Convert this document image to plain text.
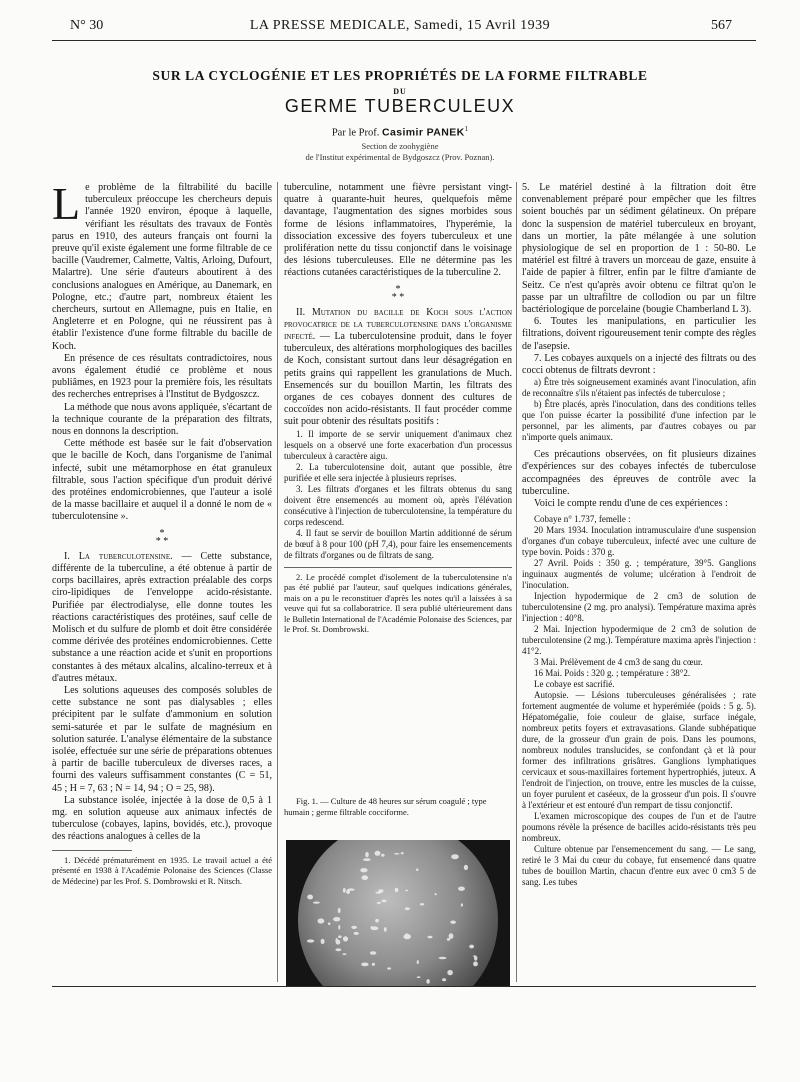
N° 30	LA PRESSE MEDICALE, Samedi, 15 Avril 1939	567
SUR LA CYCLOGÉNIE ET LES PROPRIÉTÉS DE LA FORME FILTRABLE
DU
GERME TUBERCULEUX
Par le Prof. Casimir PANEK$^1$
Section de zoohygiène
de l'Institut expérimental de Bydgoszcz (Prov. Poznan).

Le problème de la filtrabilité du bacille tuberculeux préoccupe les chercheurs depuis l'année 1920 environ, époque à laquelle, vérifiant les résultats des travaux de Fontès parus en 1910, des auteurs français ont fourni la preuve qu'il existe également une forme filtrable de ce bacille (Vaudremer, Calmette, Valtis, Arloing, Dufourt, Malartre). Une série d'auteurs aboutirent à des conclusions analogues en Amérique, au Danemark, en Pologne, etc.; d'autre part, nombreux étaient les chercheurs, surtout en Allemagne, puis en Italie, en Angleterre et en Pologne, qui ne réussirent pas à établir l'existence d'une forme filtrable du bacille de Koch.

En présence de ces résultats contradictoires, nous avons également étudié ce problème et nous publiâmes, en 1923 pour la première fois, les résultats des recherches entreprises à l'Institut de Bydgoszcz.

La méthode que nous avons appliquée, s'écartant de la technique courante de la préparation des filtrats, nous en donnons la description.

Cette méthode est basée sur le fait d'observation que le bacille de Koch, dans l'organisme de l'animal infecté, subit une métamorphose en état granuleux filtrable, sous l'action spécifique d'un produit dérivé des protéines endomicrobiennes, que l'auteur a isolé de la masse bacillaire et auquel il a donné le nom de « tuberculotensine ».

*
* *

I. La tuberculotensine. — Cette substance, différente de la tuberculine, a été obtenue à partir de corps bacillaires, après extraction préalable des corps ciro-lipidiques de l'enveloppe acido-résistante. Purifiée par électrodialyse, elle donne toutes les réactions caractéristiques des protéines, sauf celle de Molisch et du sulfure de plomb et doit être considérée comme dérivée des protéines endomicrobiennes. Cette substance a une réaction acide et s'unit en proportions constantes à des métaux alcalins, alcalino-terreux et à d'autres métaux.

Les solutions aqueuses des composés solubles de cette substance ne sont pas dialysables ; elles précipitent par le sulfate d'ammonium en solution semi-saturée et par le sulfate de magnésium en solution saturée. L'analyse élémentaire de la substance isolée, effectuée sur une série de préparations obtenues à partir de bacille tuberculeux de diverses races, a fourni des valeurs suffisamment constantes (C = 51, 45 ; H = 7, 63 ; N = 14, 94 ; O = 25, 98).

La substance isolée, injectée à la dose de 0,5 à 1 mg. en solution aqueuse aux animaux infectés de tuberculose (cobayes, lapins, bovidés, etc.), provoque des réactions analogues à celles de la

1. Décédé prématurément en 1935. Le travail actuel a été présenté en 1938 à l'Académie Polonaise des Sciences (Classe de Médecine) par les Prof. S. Dombrowski et R. Nitsch.

tuberculine, notamment une fièvre persistant vingt-quatre à quarante-huit heures, quelquefois même davantage, l'augmentation des signes morbides sous forme de lésions inflammatoires, l'hyperémie, la dissociation excessive des foyers tuberculeux et une prolifération nette du tissu conjonctif dans le voisinage des lésions tuberculeuses. Elle ne détermine pas les réactions cutanées caractéristiques de la tuberculine 2.

*
* *

II. Mutation du bacille de Koch sous l'action provocatrice de la tuberculotensine dans l'organisme infecté. — La tuberculotensine produit, dans le foyer tuberculeux, des altérations morphologiques des bacilles de Koch, consistant surtout dans leur désagrégation en petits grains qui rappellent les granulations de Much. Ensemencés sur du bouillon Martin, les filtrats des organes de ces cobayes donnent des cultures de coccoïdes non acido-résistants. Il faut procéder comme suit pour obtenir des résultats positifs :

1. Il importe de se servir uniquement d'animaux chez lesquels on a observé une forte exacerbation d'un processus tuberculeux à caractère aigu.

2. La tuberculotensine doit, autant que possible, être purifiée et elle sera injectée à plusieurs reprises.

3. Les filtrats d'organes et les filtrats obtenus du sang doivent être ensemencés au moment où, après l'élévation consécutive à l'injection de tuberculotensine, la température du corps redescend.

4. Il faut se servir de bouillon Martin additionné de sérum de bœuf à 8 pour 100 (pH 7,4), pour faire les ensemencements de filtrats d'organes ou de filtrats de sang.

2. Le procédé complet d'isolement de la tuberculotensine n'a pas été publié par l'auteur, sauf quelques indications générales, mais on a pu le reconstituer d'après les notes qu'il a laissées à sa veuve qui fut sa collaboratrice. Il sera publié ultérieurement dans le Bulletin International de l'Académie Polonaise des Sciences, par le Prof. St. Dombrowski.

Fig. 1. — Culture de 48 heures sur sérum coagulé ; type humain ; germe filtrable cocciforme.

5. Le matériel destiné à la filtration doit être convenablement préparé pour empêcher que les filtres soient bouchés par un sédiment gélatineux. On prépare donc la suspension de matériel tuberculeux en broyant, dans un mortier, la pâte mélangée à une solution physiologique de sel en proportion de 1 : 50-80. Le matériel est filtré à travers un morceau de gaze, ensuite à l'aide de papier à filtrer, enfin par le filtre d'amiante de Seitz. Ce n'est qu'après avoir obtenu ce filtrat qu'on le passe par un ultrafiltre de collodion ou par un filtre bactériologique de porcelaine (bougie Chamberland L 3).

6. Toutes les manipulations, en particulier les filtrations, doivent rigoureusement tenir compte des règles de l'asepsie.

7. Les cobayes auxquels on a injecté des filtrats ou des cocci obtenus de filtrats devront :

a) Être très soigneusement examinés avant l'inoculation, afin de reconnaître s'ils n'étaient pas infectés de tuberculose ;

b) Être placés, après l'inoculation, dans des conditions telles que l'on puisse écarter la possibilité d'une infection par le personnel, par les aliments, par d'autres cobayes ou par n'importe quels animaux.

Ces précautions observées, on fit plusieurs dizaines d'expériences sur des cobayes infectés de tuberculose accompagnées des épreuves de contrôle avec la tuberculine.

Voici le compte rendu d'une de ces expériences :

Cobaye n° 1.737, femelle :

20 Mars 1934. Inoculation intramusculaire d'une suspension d'organes d'un cobaye tuberculeux, infecté avec une culture de type bovin. Poids : 370 g.

27 Avril. Poids : 350 g. ; température, 39°5. Ganglions inguinaux augmentés de volume; ulcération à l'endroit de l'inoculation.

Injection hypodermique de 2 cm3 de solution de tuberculotensine (2 mg. pro analysi). Température maxima après l'injection : 40°8.

2 Mai. Injection hypodermique de 2 cm3 de solution de tuberculotensine (2 mg.). Température maxima après l'injection : 41°2.

3 Mai. Prélèvement de 4 cm3 de sang du cœur.

16 Mai. Poids : 320 g. ; température : 38°2.

Le cobaye est sacrifié.

Autopsie. — Lésions tuberculeuses généralisées ; rate fortement augmentée de volume et hyperémiée (poids : 5 g. 5). Hépatomégalie, foie couleur de glaise, surface inégale, nombreux petits foyers et extravasations. Glande subhépatique dure, de la grosseur d'un grain de pois. Dans les poumons, nombreux nodules translucides, se confondant çà et là pour former des infiltrations grisâtres. Ganglions lymphatiques cervicaux et sous-maxillaires fortement hypertrophiés, juteux. A l'endroit de l'injection, on trouve, entre les muscles de la cuisse, un foyer purulent et caséeux, de la grosseur d'un pois. Il s'ouvre à l'extérieur et est entouré d'un rempart de tissu conjonctif.

L'examen microscopique des coupes de l'un et de l'autre poumons révèle la présence de bacilles acido-résistants très peu nombreux.

Culture obtenue par l'ensemencement du sang. — Le sang, retiré le 3 Mai du cœur du cobaye, fut ensemencé dans quatre tubes de bouillon Martin, chacun d'entre eux avec 0 cm3 5 de sang. Les tubes
